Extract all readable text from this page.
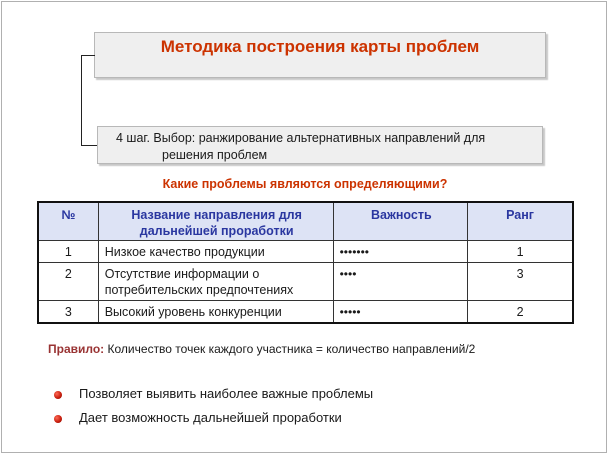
Методика построения карты проблем
4 шаг. Выбор: ранжирование альтернативных направлений для
решения проблем
Какие проблемы являются определяющими?
№	Название направления для
дальнейшей проработки	Важность	Ранг
1	Низкое качество продукции	•••••••	1
2	Отсутствие информации о
потребительских предпочтениях	••••	3
3	Высокий уровень конкуренции	•••••	2
Правило: Количество точек каждого участника = количество направлений/2
Позволяет выявить наиболее важные проблемы
Дает возможность дальнейшей проработки
